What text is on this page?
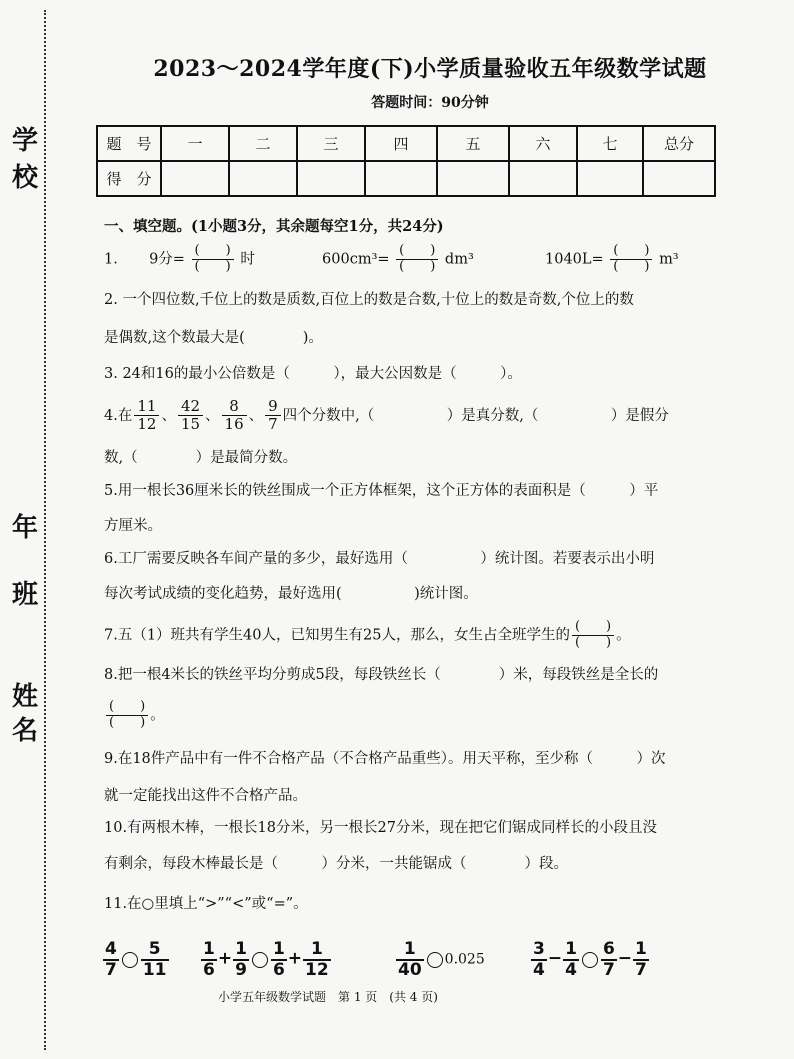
学
校
年
班
姓
名
2023～2024学年度(下)小学质量验收五年级数学试题
答题时间：90分钟
题　号	一	二	三	四	五	六	七	总分
得　分								
一、填空题。(1小题3分，其余题每空1分，共24分)
1. 9分= $\frac{( )}{( )}$ 时	$600cm^3= \frac{( )}{( )} dm^3$	$1040L= \frac{( )}{( )} m^3$
2. 一个四位数,千位上的数是质数,百位上的数是合数,十位上的数是奇数,个位上的数
是偶数,这个数最大是(　　　　)。
3. 24和16的最小公倍数是（　　　），最大公因数是（　　　）。
4.在 $\frac{11}{12}$ 、 $\frac{42}{15}$ 、 $\frac{8}{16}$ 、 $\frac{9}{7}$ 四个分数中,（　　　　　）是真分数,（　　　　　）是假分
数,（　　　　）是最简分数。
5.用一根长36厘米长的铁丝围成一个正方体框架，这个正方体的表面积是（　　　）平
方厘米。
6.工厂需要反映各车间产量的多少，最好选用（　　　　　）统计图。若要表示出小明
每次考试成绩的变化趋势，最好选用(　　　　　)统计图。
7.五（1）班共有学生40人，已知男生有25人，那么，女生占全班学生的 $\frac{( )}{( )}$ 。
8.把一根4米长的铁丝平均分剪成5段，每段铁丝长（　　　　）米，每段铁丝是全长的
$\frac{( )}{( )}$ 。
9.在18件产品中有一件不合格产品（不合格产品重些）。用天平称，至少称（　　　）次
就一定能找出这件不合格产品。
10.有两根木棒，一根长18分米，另一根长27分米，现在把它们锯成同样长的小段且没
有剩余，每段木棒最长是（　　　）分米，一共能锯成（　　　　）段。
11.在○里填上“>”“<”或“=”。
$\frac{4}{7} \frac{5}{11} \frac{1}{6} + \frac{1}{9} \frac{1}{6} + \frac{1}{12}$	$\frac{1}{40} 0.025$	$\frac{3}{4} - \frac{1}{4} \frac{6}{7} - \frac{1}{7}$
小学五年级数学试题　第 1 页　(共 4 页)
